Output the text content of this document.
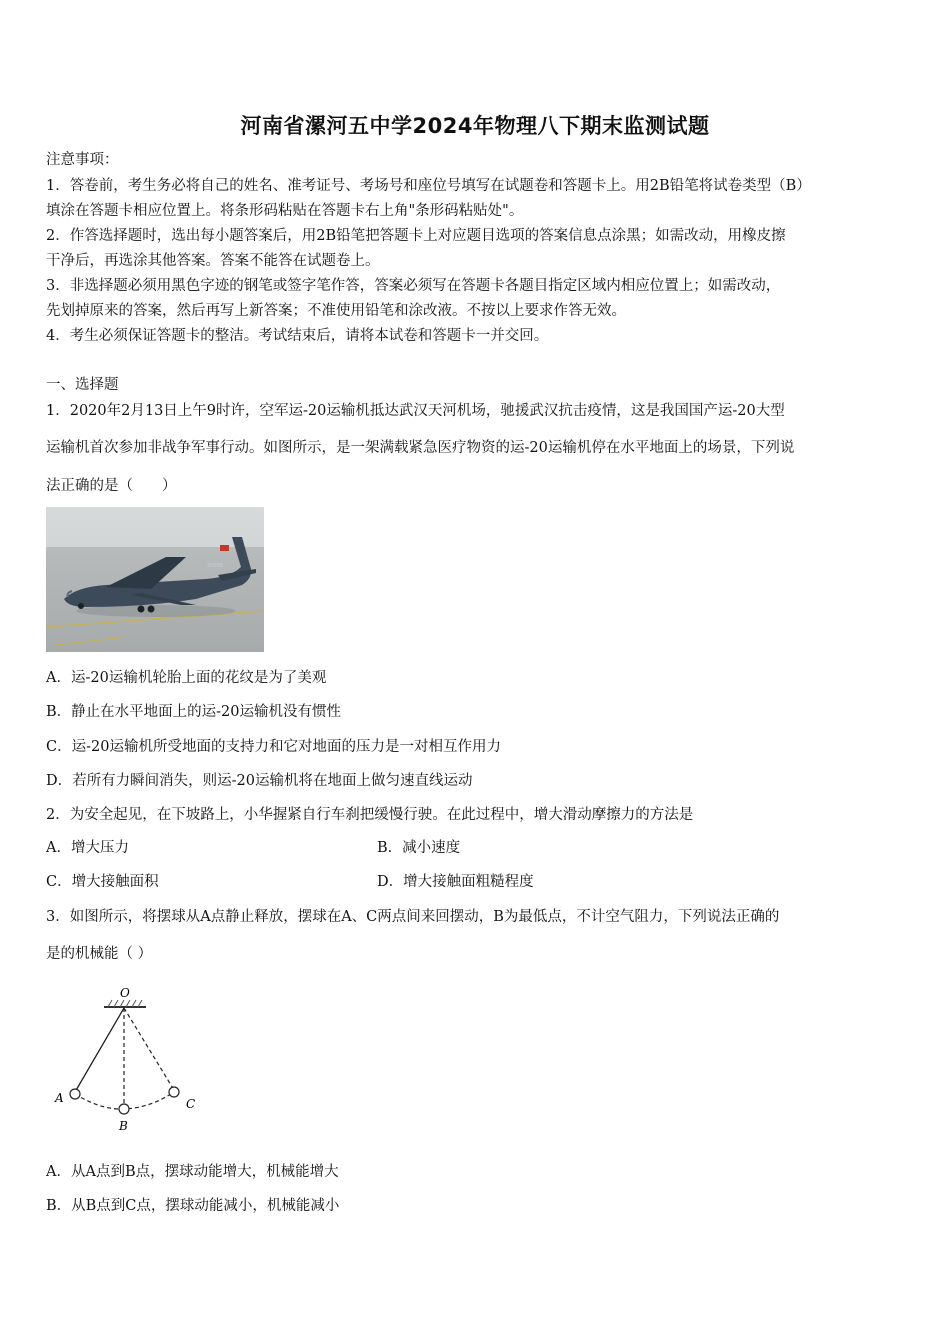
河南省漯河五中学2024年物理八下期末监测试题
注意事项：
1．答卷前，考生务必将自己的姓名、准考证号、考场号和座位号填写在试题卷和答题卡上。用2B铅笔将试卷类型（B）
填涂在答题卡相应位置上。将条形码粘贴在答题卡右上角"条形码粘贴处"。
2．作答选择题时，选出每小题答案后，用2B铅笔把答题卡上对应题目选项的答案信息点涂黑；如需改动，用橡皮擦
干净后，再选涂其他答案。答案不能答在试题卷上。
3．非选择题必须用黑色字迹的钢笔或签字笔作答，答案必须写在答题卡各题目指定区域内相应位置上；如需改动，
先划掉原来的答案，然后再写上新答案；不准使用铅笔和涂改液。不按以上要求作答无效。
4．考生必须保证答题卡的整洁。考试结束后，请将本试卷和答题卡一并交回。
一、选择题
1．2020年2月13日上午9时许，空军运-20运输机抵达武汉天河机场，驰援武汉抗击疫情，这是我国国产运-20大型
运输机首次参加非战争军事行动。如图所示，是一架满载紧急医疗物资的运-20运输机停在水平地面上的场景，下列说
法正确的是（　　）
20058
A．运-20运输机轮胎上面的花纹是为了美观
B．静止在水平地面上的运-20运输机没有惯性
C．运-20运输机所受地面的支持力和它对地面的压力是一对相互作用力
D．若所有力瞬间消失，则运-20运输机将在地面上做匀速直线运动
2．为安全起见，在下坡路上，小华握紧自行车刹把缓慢行驶。在此过程中，增大滑动摩擦力的方法是
A．增大压力	B．减小速度
C．增大接触面积	D．增大接触面粗糙程度
3．如图所示，将摆球从A点静止释放，摆球在A、C两点间来回摆动，B为最低点，不计空气阻力，下列说法正确的
是的机械能（ ）
O
A
B
C
A．从A点到B点，摆球动能增大，机械能增大
B．从B点到C点，摆球动能减小，机械能减小
